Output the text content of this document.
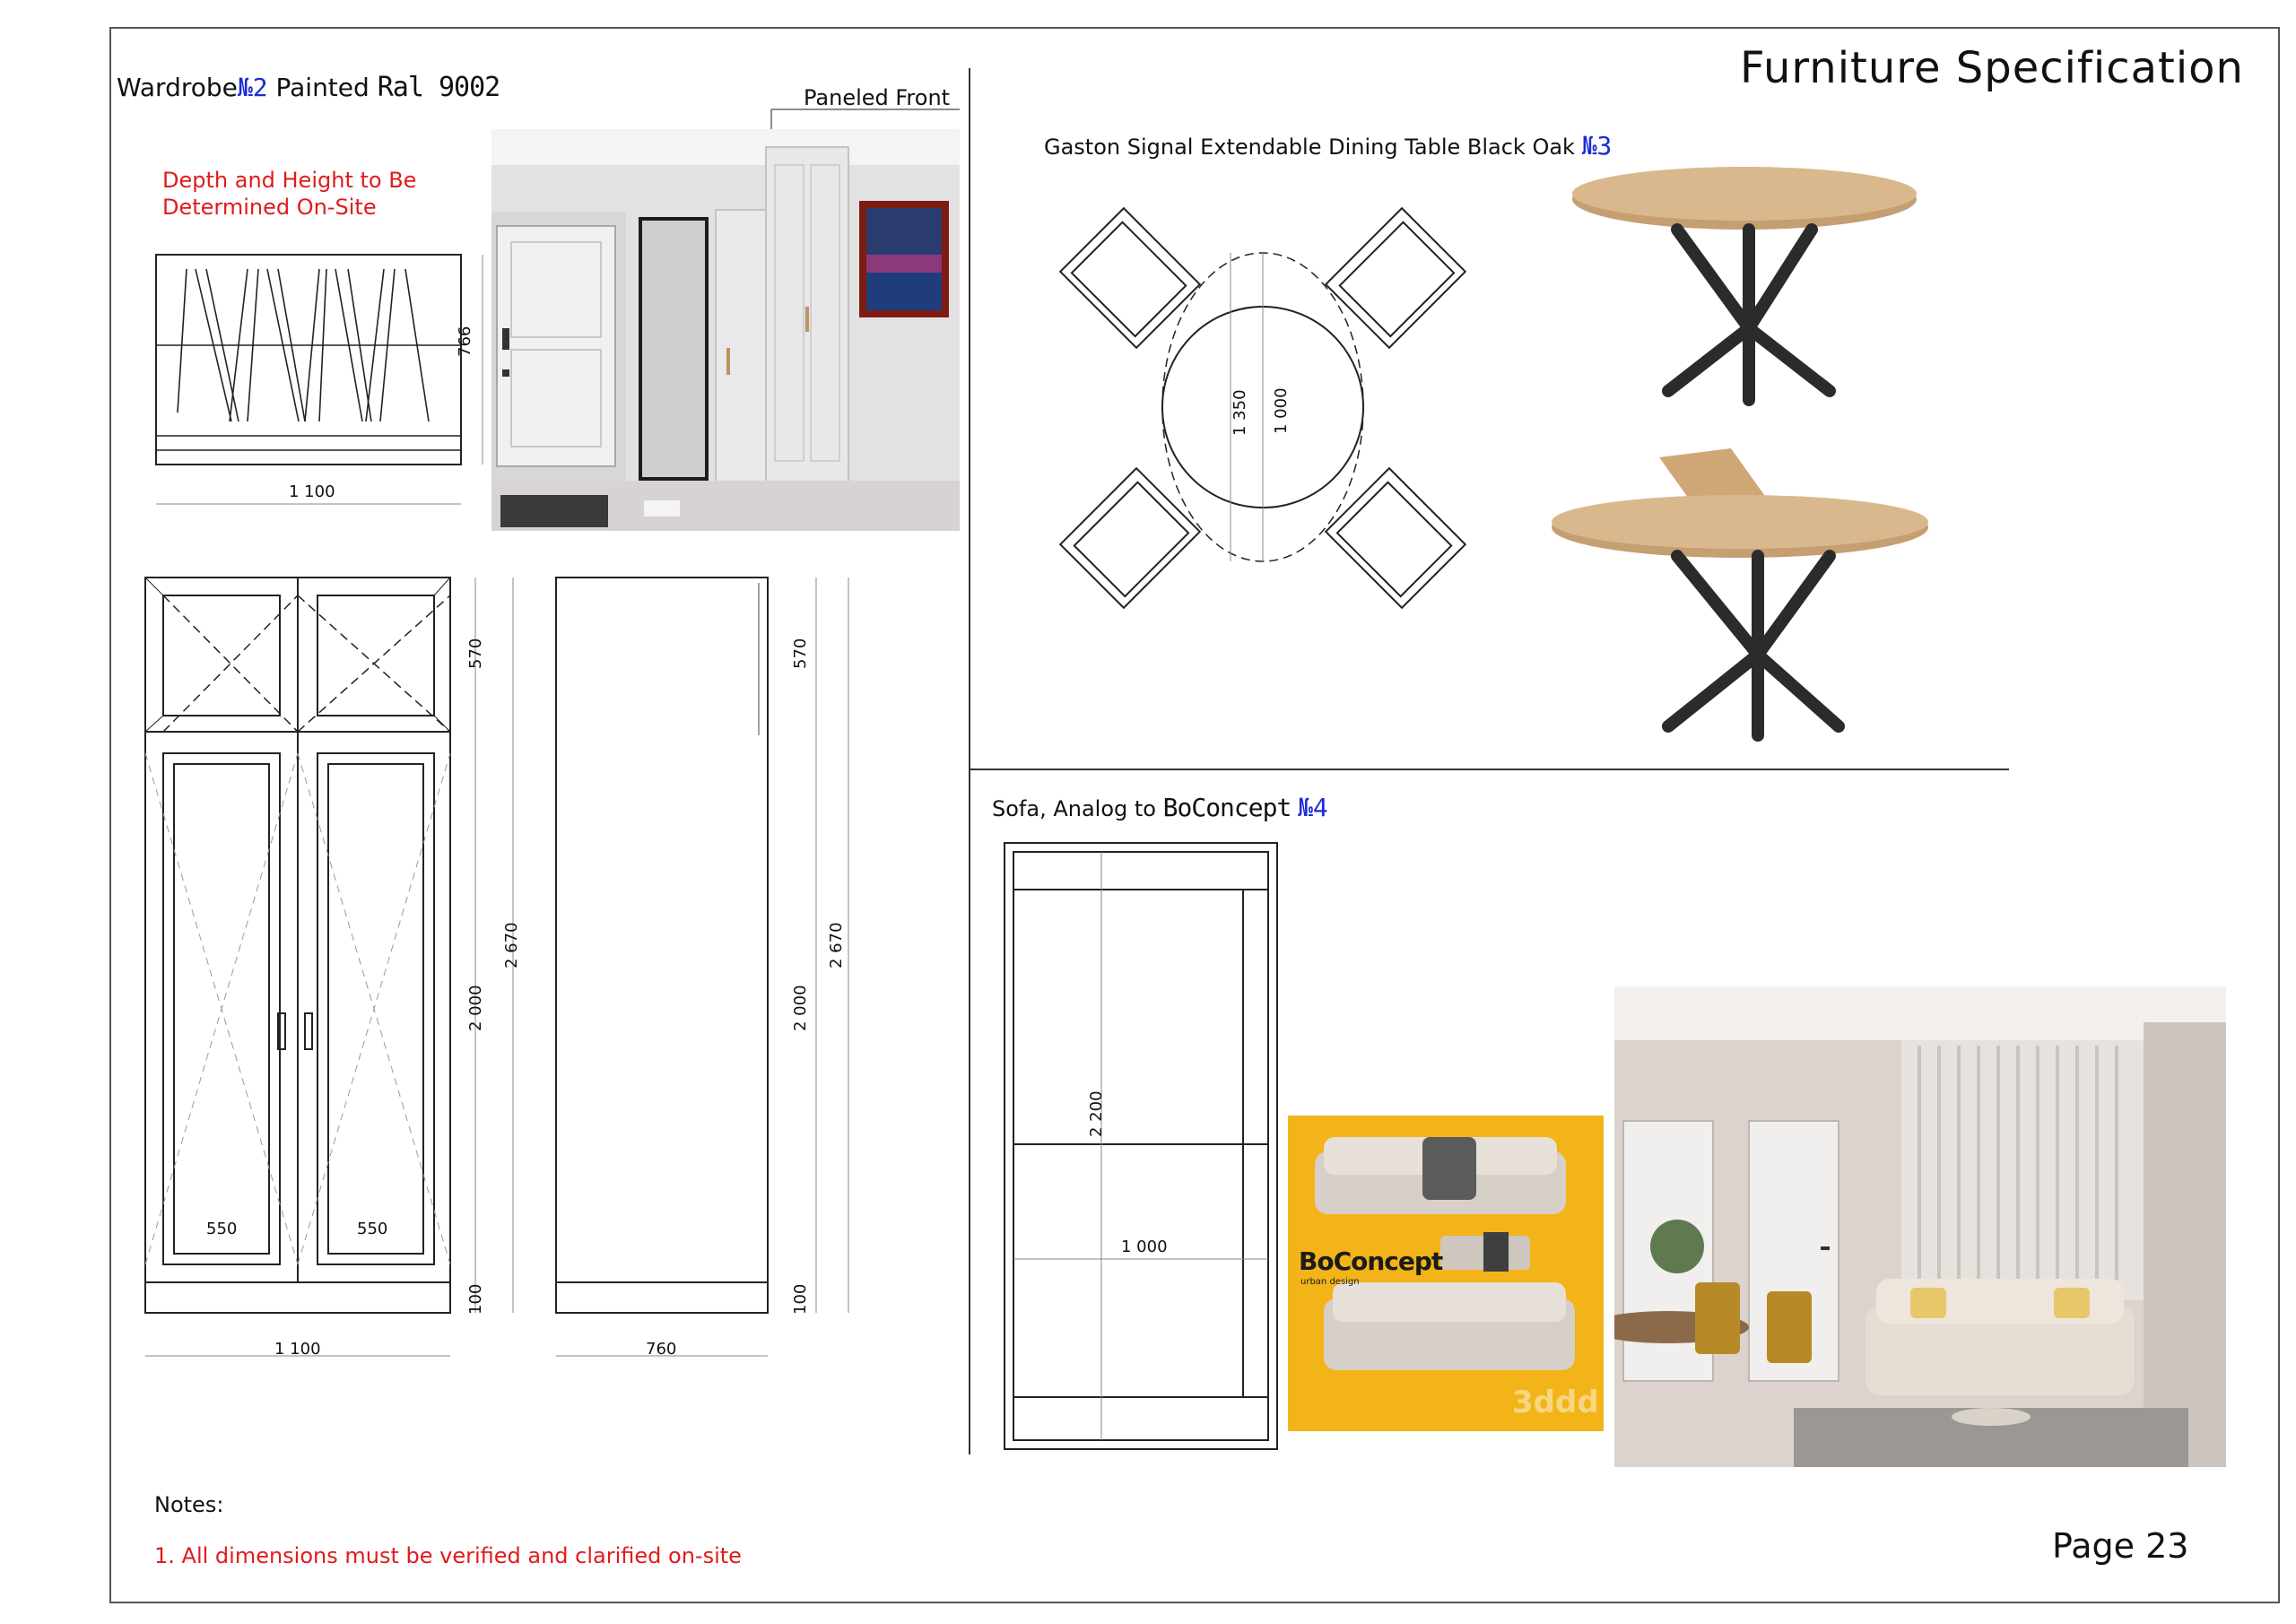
Furniture Specification
Page 23
Wardrobe№2 Painted Ral 9002	Paneled Front
Depth and Height to Be
Determined On-Site
766
1 100
570
2 670
2 000
100
550	550
1 100
570
2 670
2 000
100
760
Gaston Signal Extendable Dining Table Black Oak №3
1 350 1 000
Sofa, Analog to BoConcept №4
2 200
1 000	BoConcept
urban design
3ddd
Notes:
1. All dimensions must be verified and clarified on-site
